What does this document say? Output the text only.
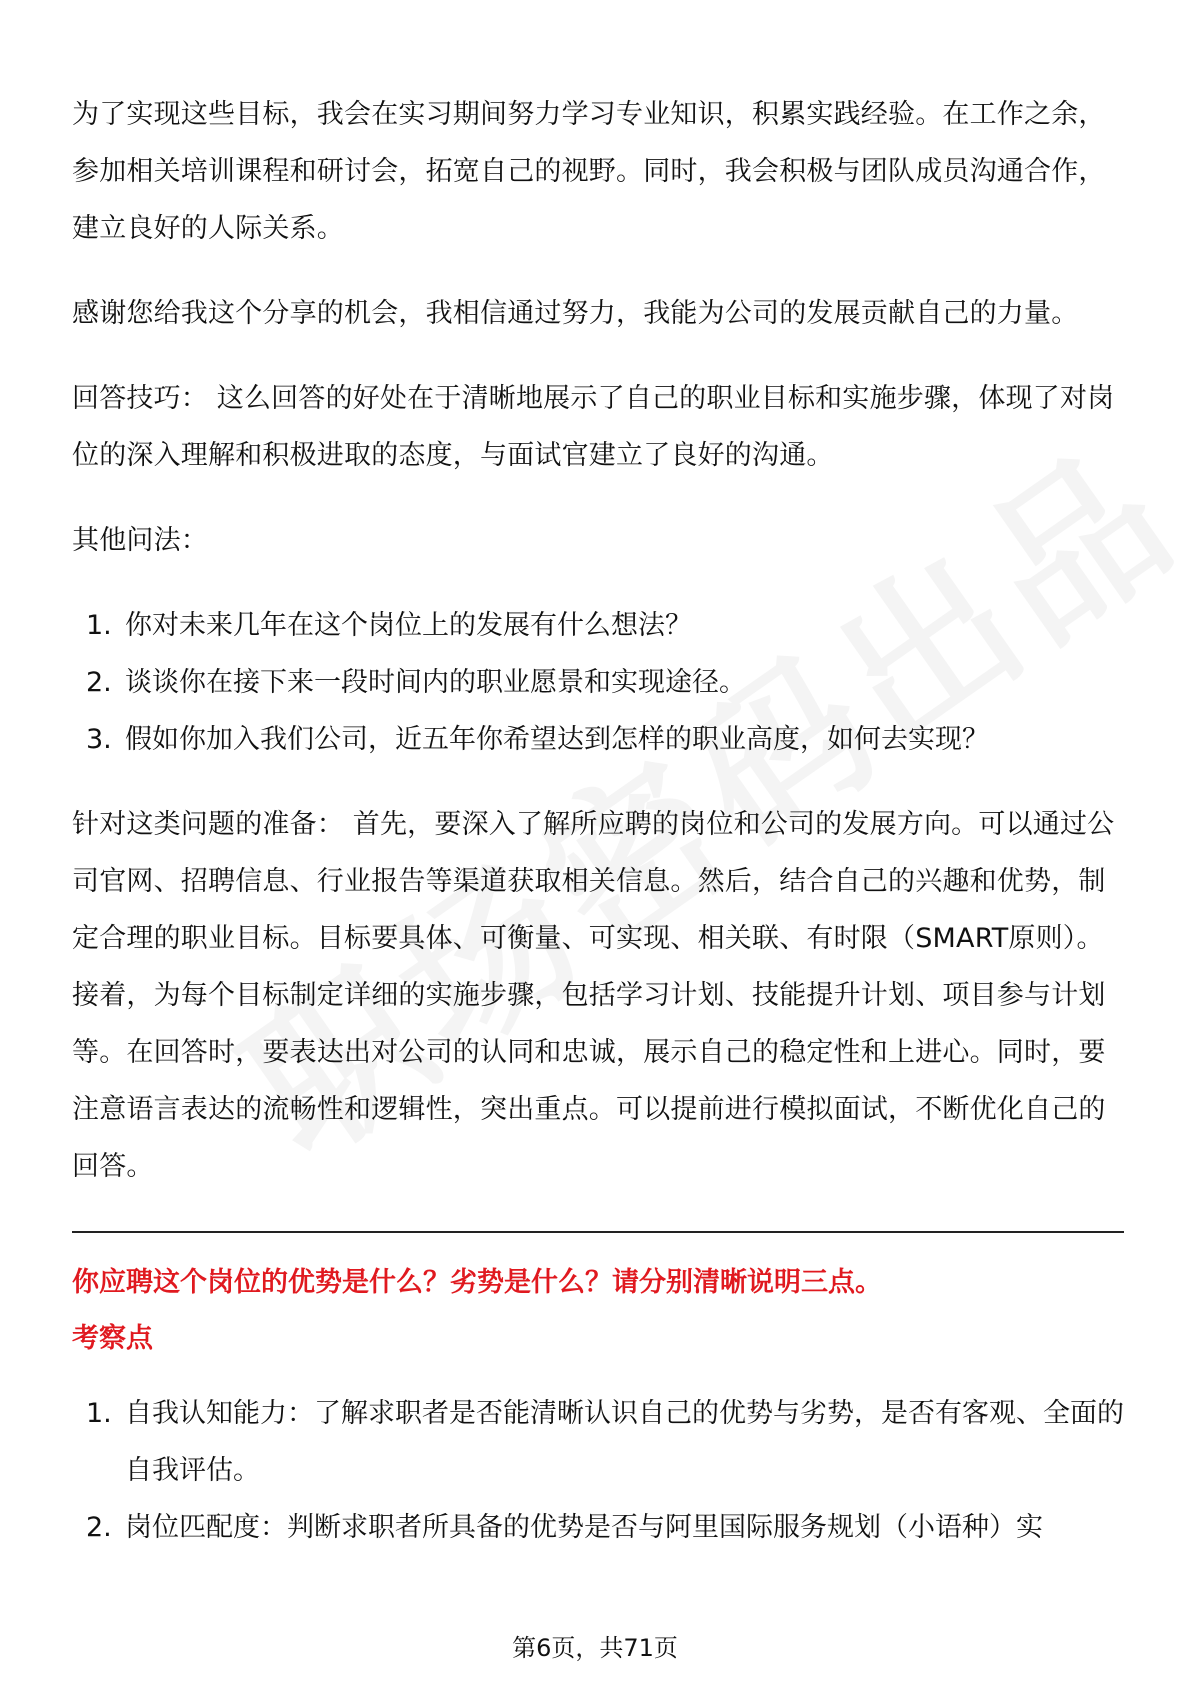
为了实现这些目标，我会在实习期间努力学习专业知识，积累实践经验。在工作之余，参加相关培训课程和研讨会，拓宽自己的视野。同时，我会积极与团队成员沟通合作，建立良好的人际关系。

感谢您给我这个分享的机会，我相信通过努力，我能为公司的发展贡献自己的力量。

回答技巧： 这么回答的好处在于清晰地展示了自己的职业目标和实施步骤，体现了对岗位的深入理解和积极进取的态度，与面试官建立了良好的沟通。

其他问法：

1. 你对未来几年在这个岗位上的发展有什么想法？
2. 谈谈你在接下来一段时间内的职业愿景和实现途径。
3. 假如你加入我们公司，近五年你希望达到怎样的职业高度，如何去实现？

针对这类问题的准备： 首先，要深入了解所应聘的岗位和公司的发展方向。可以通过公司官网、招聘信息、行业报告等渠道获取相关信息。然后，结合自己的兴趣和优势，制定合理的职业目标。目标要具体、可衡量、可实现、相关联、有时限（SMART原则）。接着，为每个目标制定详细的实施步骤，包括学习计划、技能提升计划、项目参与计划等。在回答时，要表达出对公司的认同和忠诚，展示自己的稳定性和上进心。同时，要注意语言表达的流畅性和逻辑性，突出重点。可以提前进行模拟面试，不断优化自己的回答。

你应聘这个岗位的优势是什么？劣势是什么？请分别清晰说明三点。
考察点
1. 自我认知能力：了解求职者是否能清晰认识自己的优势与劣势，是否有客观、全面的自我评估。
2. 岗位匹配度：判断求职者所具备的优势是否与阿里国际服务规划（小语种）实
第6页，共71页
